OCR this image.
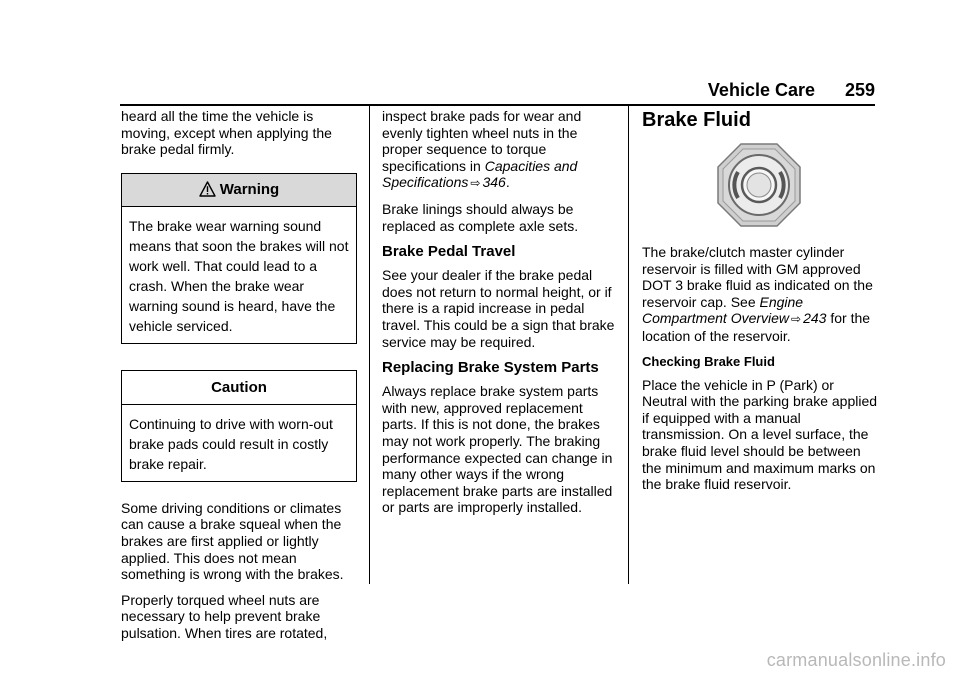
Vehicle Care 259

heard all the time the vehicle is moving, except when applying the brake pedal firmly.

Warning
The brake wear warning sound means that soon the brakes will not work well. That could lead to a crash. When the brake wear warning sound is heard, have the vehicle serviced.
Caution
Continuing to drive with worn-out brake pads could result in costly brake repair.

Some driving conditions or climates can cause a brake squeal when the brakes are first applied or lightly applied. This does not mean something is wrong with the brakes.

Properly torqued wheel nuts are necessary to help prevent brake pulsation. When tires are rotated,

inspect brake pads for wear and evenly tighten wheel nuts in the proper sequence to torque specifications in Capacities and Specifications ⇨ 346.

Brake linings should always be replaced as complete axle sets.

Brake Pedal Travel

See your dealer if the brake pedal does not return to normal height, or if there is a rapid increase in pedal travel. This could be a sign that brake service may be required.

Replacing Brake System Parts

Always replace brake system parts with new, approved replacement parts. If this is not done, the brakes may not work properly. The braking performance expected can change in many other ways if the wrong replacement brake parts are installed or parts are improperly installed.

Brake Fluid

The brake/clutch master cylinder reservoir is filled with GM approved DOT 3 brake fluid as indicated on the reservoir cap. See Engine Compartment Overview ⇨ 243 for the location of the reservoir.

Checking Brake Fluid

Place the vehicle in P (Park) or Neutral with the parking brake applied if equipped with a manual transmission. On a level surface, the brake fluid level should be between the minimum and maximum marks on the brake fluid reservoir.

carmanualsonline.info
